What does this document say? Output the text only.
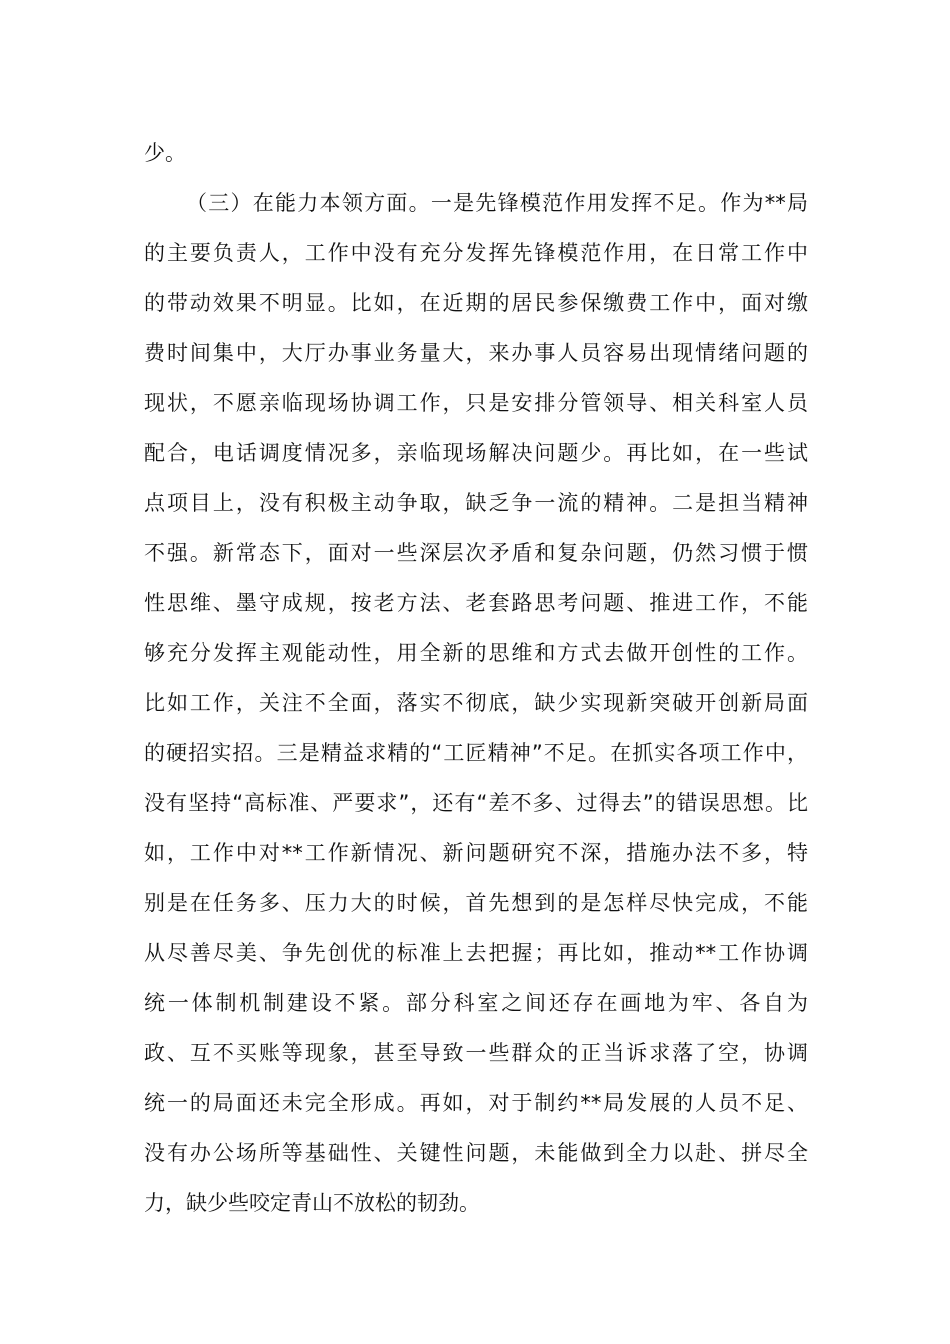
少。
（三）在能力本领方面。一是先锋模范作用发挥不足。作为**局
的主要负责人，工作中没有充分发挥先锋模范作用，在日常工作中
的带动效果不明显。比如，在近期的居民参保缴费工作中，面对缴
费时间集中，大厅办事业务量大，来办事人员容易出现情绪问题的
现状，不愿亲临现场协调工作，只是安排分管领导、相关科室人员
配合，电话调度情况多，亲临现场解决问题少。再比如，在一些试
点项目上，没有积极主动争取，缺乏争一流的精神。二是担当精神
不强。新常态下，面对一些深层次矛盾和复杂问题，仍然习惯于惯
性思维、墨守成规，按老方法、老套路思考问题、推进工作，不能
够充分发挥主观能动性，用全新的思维和方式去做开创性的工作。
比如工作，关注不全面，落实不彻底，缺少实现新突破开创新局面
的硬招实招。三是精益求精的“工匠精神”不足。在抓实各项工作中，
没有坚持“高标准、严要求”，还有“差不多、过得去”的错误思想。比
如，工作中对**工作新情况、新问题研究不深，措施办法不多，特
别是在任务多、压力大的时候，首先想到的是怎样尽快完成，不能
从尽善尽美、争先创优的标准上去把握；再比如，推动**工作协调
统一体制机制建设不紧。部分科室之间还存在画地为牢、各自为
政、互不买账等现象，甚至导致一些群众的正当诉求落了空，协调
统一的局面还未完全形成。再如，对于制约**局发展的人员不足、
没有办公场所等基础性、关键性问题，未能做到全力以赴、拼尽全
力，缺少些咬定青山不放松的韧劲。
